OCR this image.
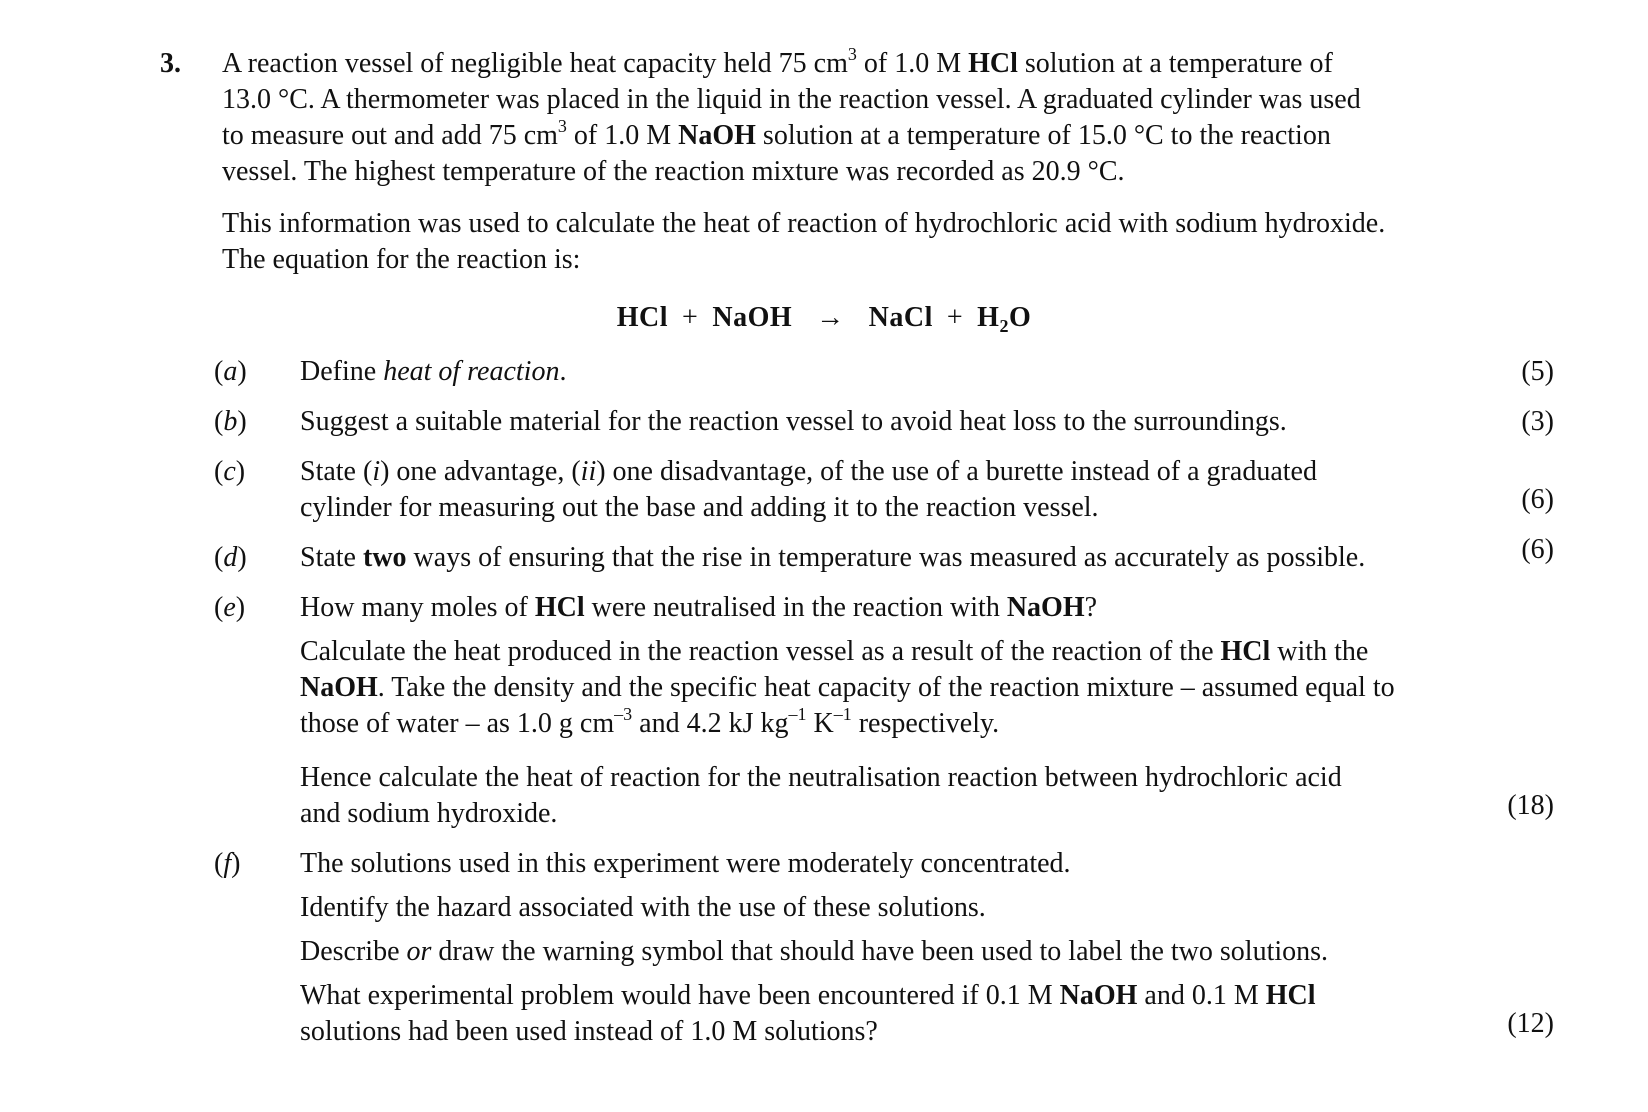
3. A reaction vessel of negligible heat capacity held 75 $cm^3$ of 1.0 M HCl solution at a temperature of
13.0 °C. A thermometer was placed in the liquid in the reaction vessel. A graduated cylinder was used
to measure out and add 75 $cm^3$ of 1.0 M NaOH solution at a temperature of 15.0 °C to the reaction
vessel. The highest temperature of the reaction mixture was recorded as 20.9 °C.
This information was used to calculate the heat of reaction of hydrochloric acid with sodium hydroxide.
The equation for the reaction is:
HCl + NaOH → NaCl + $H_2O$
(a) Define heat of reaction.	(5)
(b) Suggest a suitable material for the reaction vessel to avoid heat loss to the surroundings.	(3)
(c) State (i) one advantage, (ii) one disadvantage, of the use of a burette instead of a graduated
cylinder for measuring out the base and adding it to the reaction vessel.	(6)
(d) State two ways of ensuring that the rise in temperature was measured as accurately as possible.	(6)
(e) How many moles of HCl were neutralised in the reaction with NaOH?

Calculate the heat produced in the reaction vessel as a result of the reaction of the HCl with the
NaOH. Take the density and the specific heat capacity of the reaction mixture – assumed equal to
those of water – as 1.0 g $cm^{-3}$ and 4.2 kJ $kg^{-1}$ $K^{-1}$ respectively.

Hence calculate the heat of reaction for the neutralisation reaction between hydrochloric acid
and sodium hydroxide.	(18)
(f) The solutions used in this experiment were moderately concentrated.

Identify the hazard associated with the use of these solutions.

Describe or draw the warning symbol that should have been used to label the two solutions.

What experimental problem would have been encountered if 0.1 M NaOH and 0.1 M HCl
solutions had been used instead of 1.0 M solutions?	(12)
